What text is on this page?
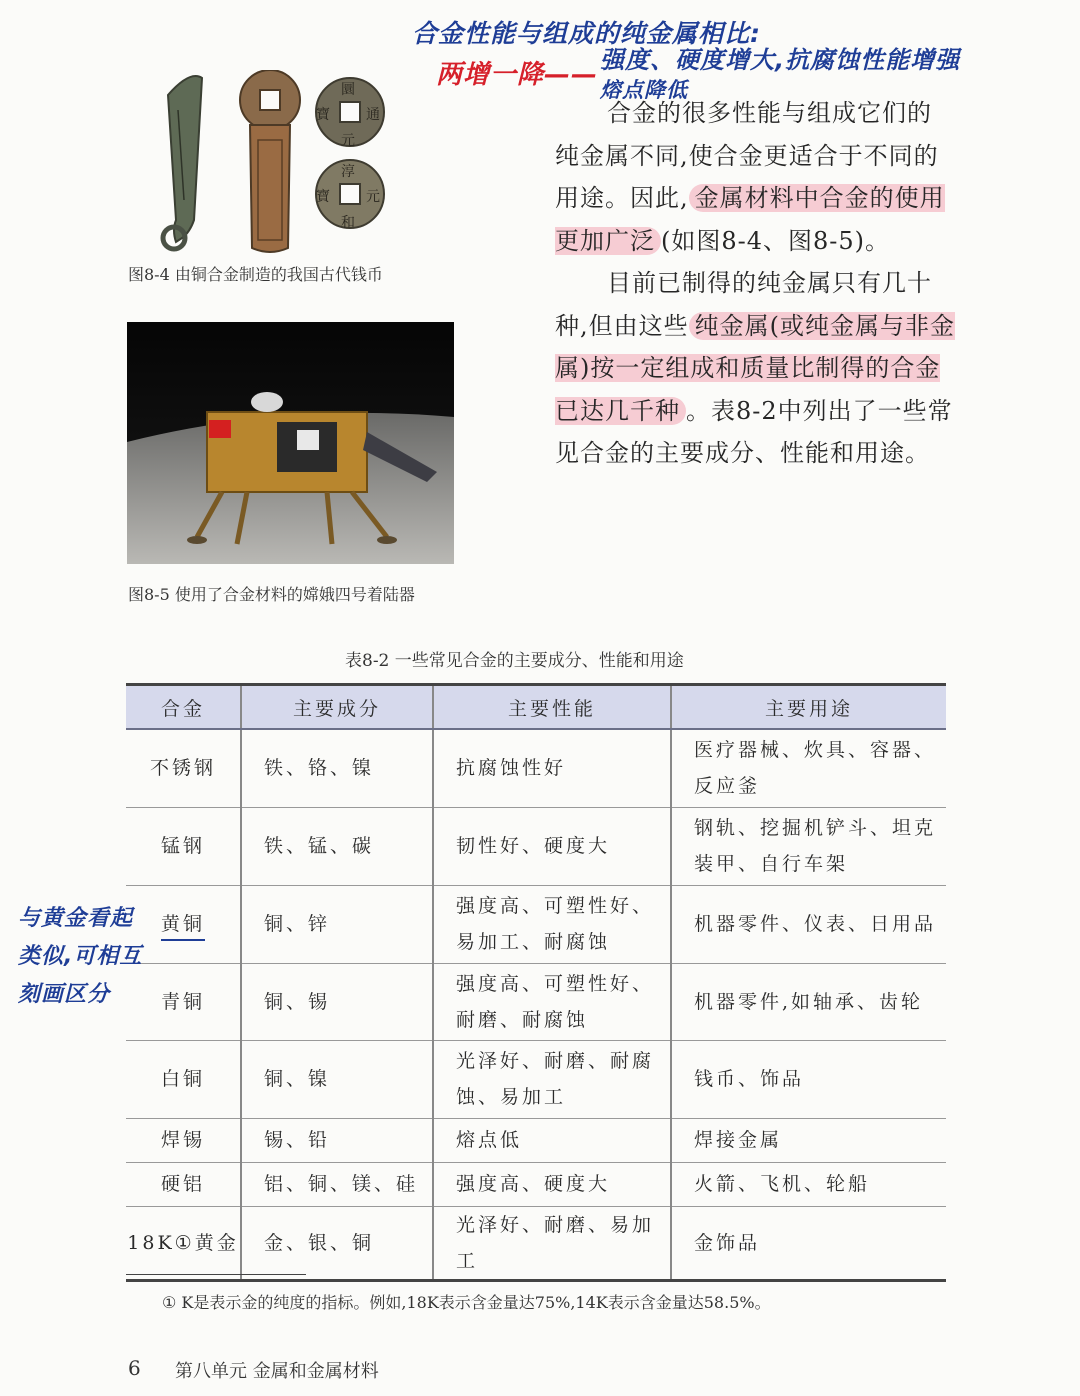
合金性能与组成的纯金属相比:
两增一降—— 强度、硬度增大,抗腐蚀性能增强
熔点降低
圜
元
寶	通
淳
和
寶	元
图8-4 由铜合金制造的我国古代钱币
图8-5 使用了合金材料的嫦娥四号着陆器
合金的很多性能与组成它们的纯金属不同,使合金更适合于不同的用途。因此, 金属材料中合金的使用更加广泛 (如图8-4、图8-5)。
目前已制得的纯金属只有几十种,但由这些 纯金属(或纯金属与非金属)按一定组成和质量比制得的合金已达几千种 。表8-2中列出了一些常见合金的主要成分、性能和用途。
表8-2 一些常见合金的主要成分、性能和用途
合金	主要成分	主要性能	主要用途
不锈钢	铁、铬、镍	抗腐蚀性好	医疗器械、炊具、容器、反应釜
锰钢	铁、锰、碳	韧性好、硬度大	钢轨、挖掘机铲斗、坦克装甲、自行车架
黄铜	铜、锌	强度高、可塑性好、易加工、耐腐蚀	机器零件、仪表、日用品
青铜	铜、锡	强度高、可塑性好、耐磨、耐腐蚀	机器零件,如轴承、齿轮
白铜	铜、镍	光泽好、耐磨、耐腐蚀、易加工	钱币、饰品
焊锡	锡、铅	熔点低	焊接金属
硬铝	铝、铜、镁、硅	强度高、硬度大	火箭、飞机、轮船
18K①黄金	金、银、铜	光泽好、耐磨、易加工	金饰品
与黄金看起
类似,可相互
刻画区分
① K是表示金的纯度的指标。例如,18K表示含金量达75%,14K表示含金量达58.5%。
6 第八单元 金属和金属材料
